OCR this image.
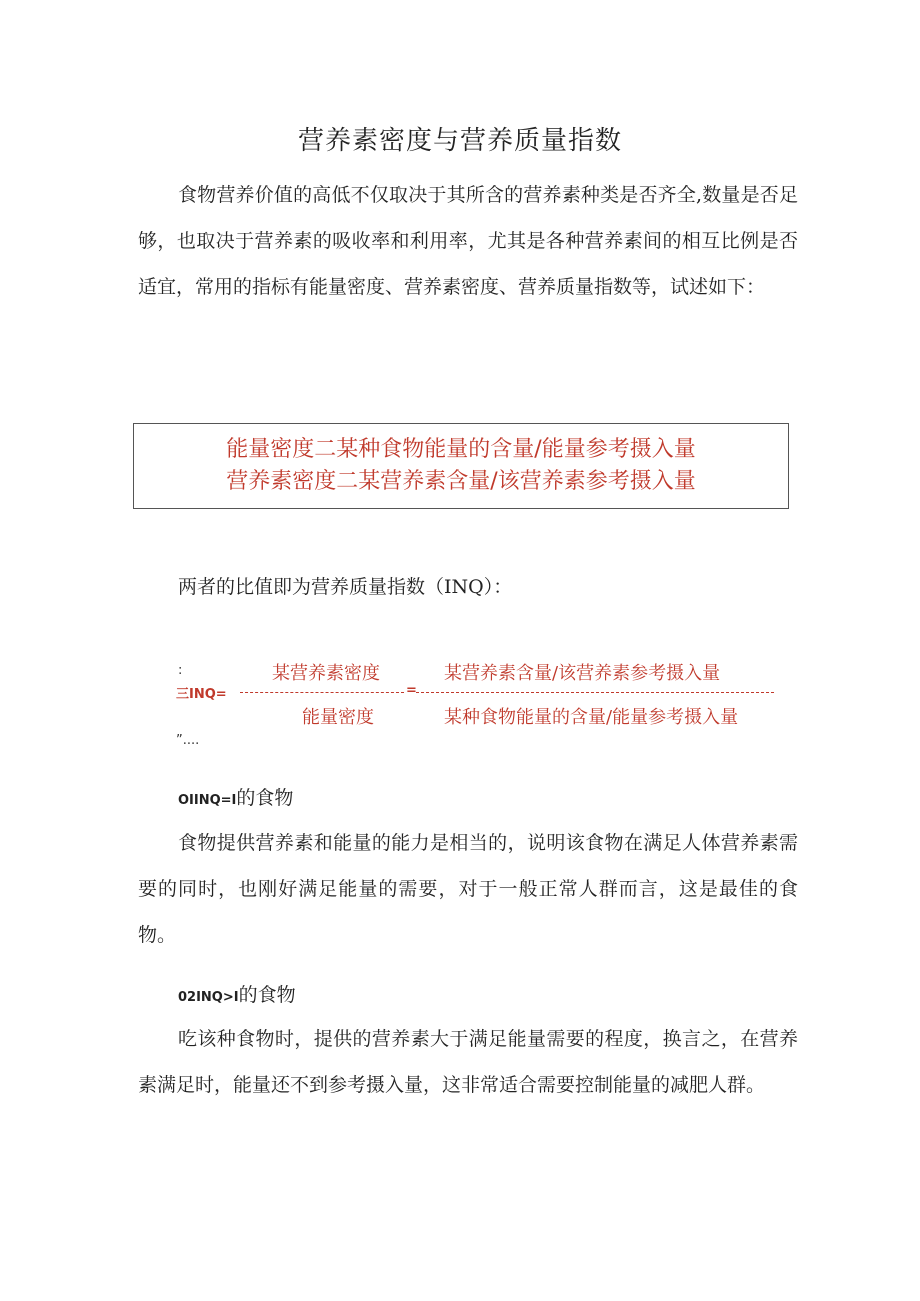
营养素密度与营养质量指数

食物营养价值的高低不仅取决于其所含的营养素种类是否齐全,数量是否足够，也取决于营养素的吸收率和利用率，尤其是各种营养素间的相互比例是否适宜，常用的指标有能量密度、营养素密度、营养质量指数等，试述如下：

能量密度二某种食物能量的含量/能量参考摄入量
营养素密度二某营养素含量/该营养素参考摄入量
两者的比值即为营养质量指数（INQ）：
:	某营养素密度	某营养素含量/该营养素参考摄入量
三INQ=	=
能量密度	某种食物能量的含量/能量参考摄入量
”....
OIINQ=I的食物

食物提供营养素和能量的能力是相当的，说明该食物在满足人体营养素需要的同时，也刚好满足能量的需要，对于一般正常人群而言，这是最佳的食物。

02INQ>I的食物

吃该种食物时，提供的营养素大于满足能量需要的程度，换言之，在营养素满足时，能量还不到参考摄入量，这非常适合需要控制能量的减肥人群。
